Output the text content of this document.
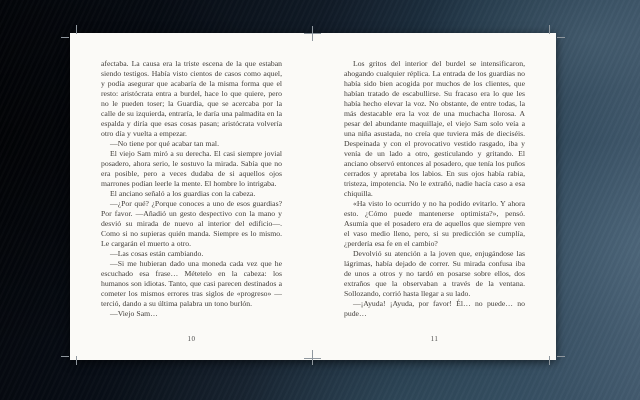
afectaba. La causa era la triste escena de la que estaban siendo testigos. Había visto cientos de casos como aquel, y podía asegurar que acabaría de la misma forma que el resto: aristócrata entra a burdel, hace lo que quiere, pero no le pueden toser; la Guardia, que se acercaba por la calle de su izquierda, entraría, le daría una palmadita en la espalda y diría que esas cosas pasan; aristócrata volvería otro día y vuelta a empezar.

—No tiene por qué acabar tan mal.

El viejo Sam miró a su derecha. El casi siempre jovial posadero, ahora serio, le sostuvo la mirada. Sabía que no era posible, pero a veces dudaba de si aquellos ojos marrones podían leerle la mente. El hombre lo intrigaba.

El anciano señaló a los guardias con la cabeza.

—¿Por qué? ¿Porque conoces a uno de esos guardias? Por favor. —Añadió un gesto despectivo con la mano y desvió su mirada de nuevo al interior del edificio—. Como si no supieras quién manda. Siempre es lo mismo. Le cargarán el muerto a otro.

—Las cosas están cambiando.

—Si me hubieran dado una moneda cada vez que he escuchado esa frase… Métetelo en la cabeza: los humanos son idiotas. Tanto, que casi parecen destinados a cometer los mismos errores tras siglos de «progreso» —terció, dando a su última palabra un tono burlón.

—Viejo Sam…

10

Los gritos del interior del burdel se intensificaron, ahogando cualquier réplica. La entrada de los guardias no había sido bien acogida por muchos de los clientes, que habían tratado de escabullirse. Su fracaso era lo que les había hecho elevar la voz. No obstante, de entre todas, la más destacable era la voz de una muchacha llorosa. A pesar del abundante maquillaje, el viejo Sam solo veía a una niña asustada, no creía que tuviera más de dieciséis. Despeinada y con el provocativo vestido rasgado, iba y venía de un lado a otro, gesticulando y gritando. El anciano observó entonces al posadero, que tenía los puños cerrados y apretaba los labios. En sus ojos había rabia, tristeza, impotencia. No le extrañó, nadie hacía caso a esa chiquilla.

«Ha visto lo ocurrido y no ha podido evitarlo. Y ahora esto. ¿Cómo puede mantenerse optimista?», pensó. Asumía que el posadero era de aquellos que siempre ven el vaso medio lleno, pero, si su predicción se cumplía, ¿perdería esa fe en el cambio?

Devolvió su atención a la joven que, enjugándose las lágrimas, había dejado de correr. Su mirada confusa iba de unos a otros y no tardó en posarse sobre ellos, dos extraños que la observaban a través de la ventana. Sollozando, corrió hasta llegar a su lado.

—¡Ayuda! ¡Ayuda, por favor! Él… no puede… no pude…

11
